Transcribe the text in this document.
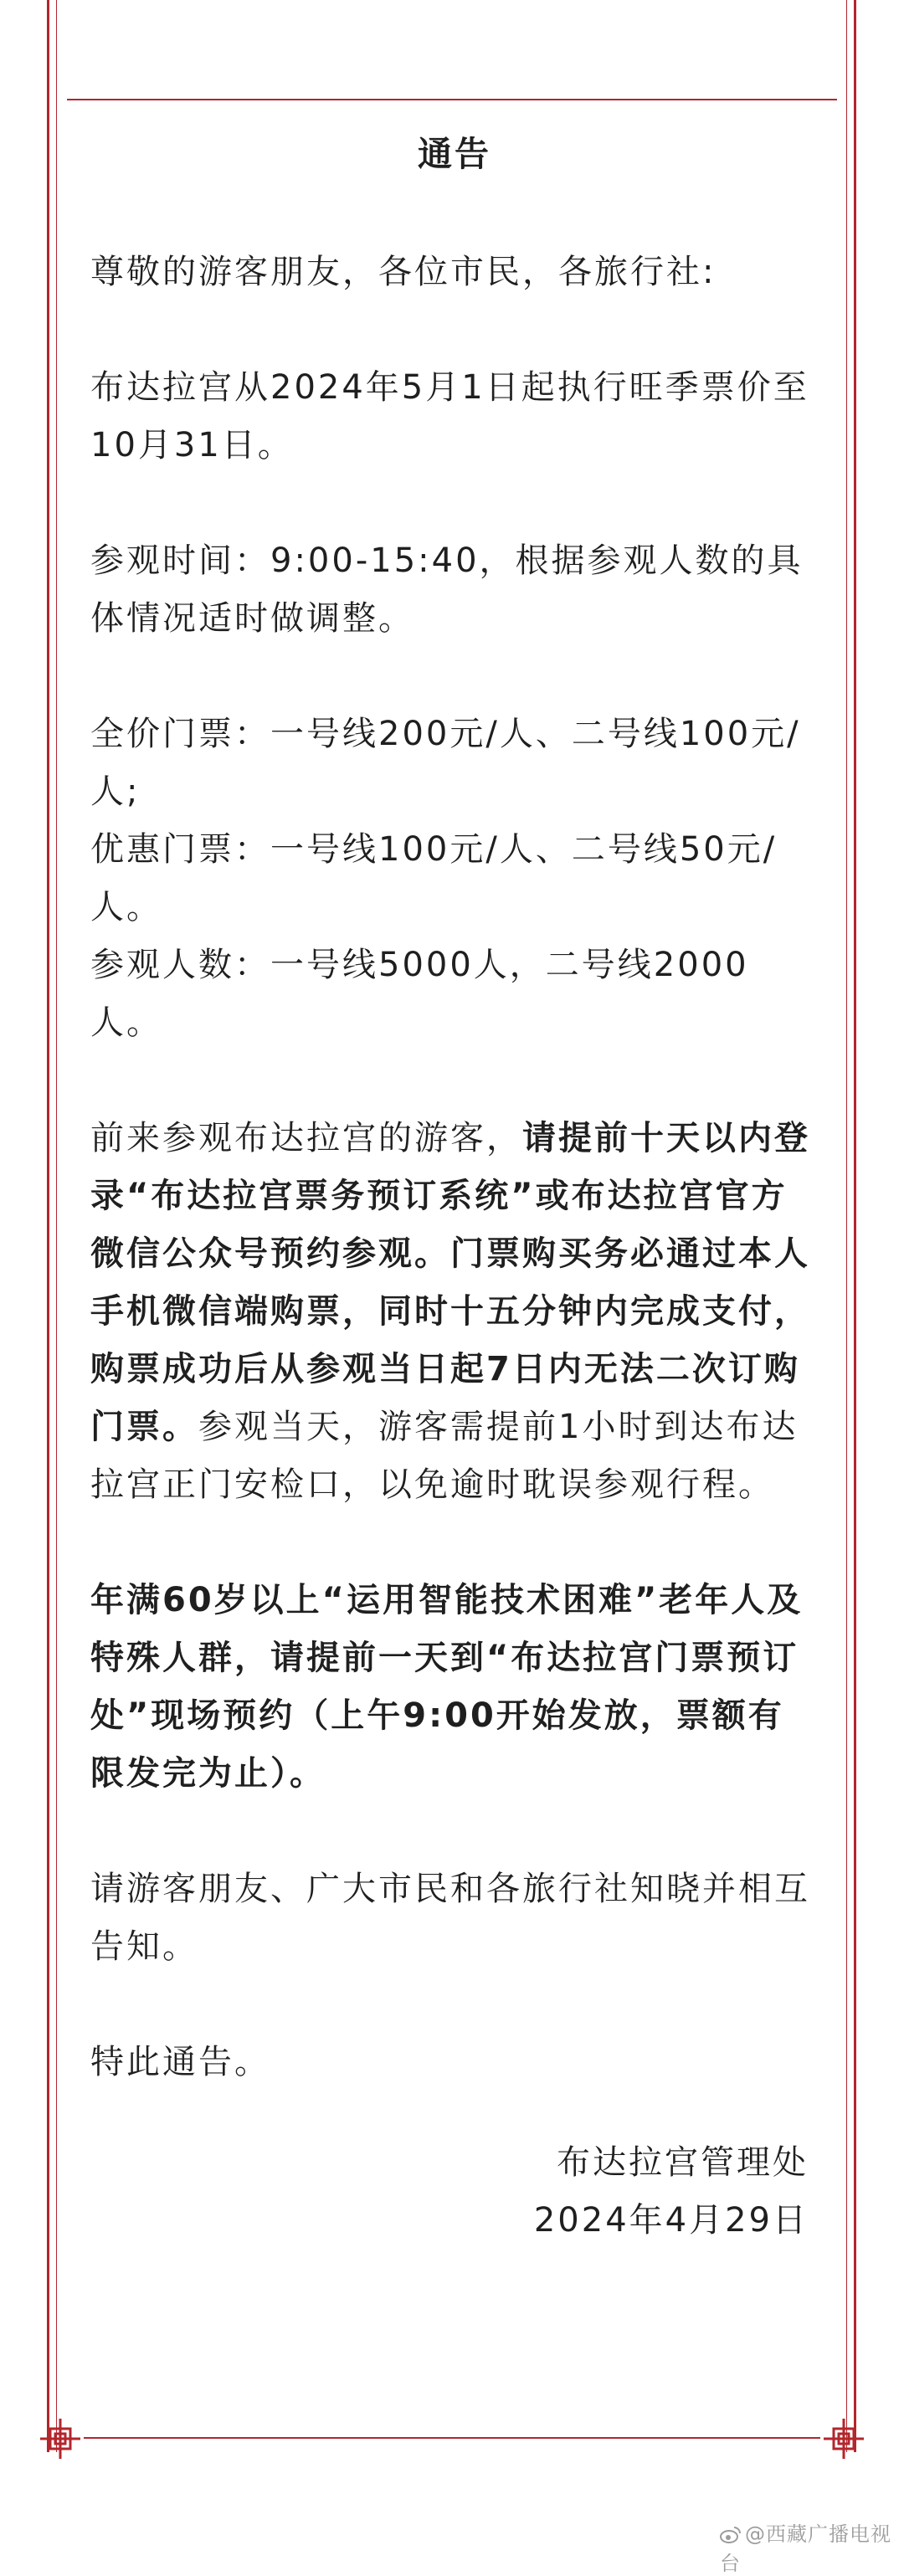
通告
尊敬的游客朋友，各位市民，各旅行社:
布达拉宫从2024年5月1日起执行旺季票价至10月31日。
参观时间：9:00-15:40，根据参观人数的具体情况适时做调整。
全价门票：一号线200元/人、二号线100元/人;
优惠门票：一号线100元/人、二号线50元/人。
参观人数：一号线5000人，二号线2000人。
前来参观布达拉宫的游客，请提前十天以内登录“布达拉宫票务预订系统”或布达拉宫官方微信公众号预约参观。门票购买务必通过本人手机微信端购票，同时十五分钟内完成支付，购票成功后从参观当日起7日内无法二次订购门票。参观当天，游客需提前1小时到达布达拉宫正门安检口，以免逾时耽误参观行程。
年满60岁以上“运用智能技术困难”老年人及特殊人群，请提前一天到“布达拉宫门票预订处”现场预约（上午9:00开始发放，票额有限发完为止）。
请游客朋友、广大市民和各旅行社知晓并相互告知。
特此通告。
布达拉宫管理处
2024年4月29日
@西藏广播电视台
